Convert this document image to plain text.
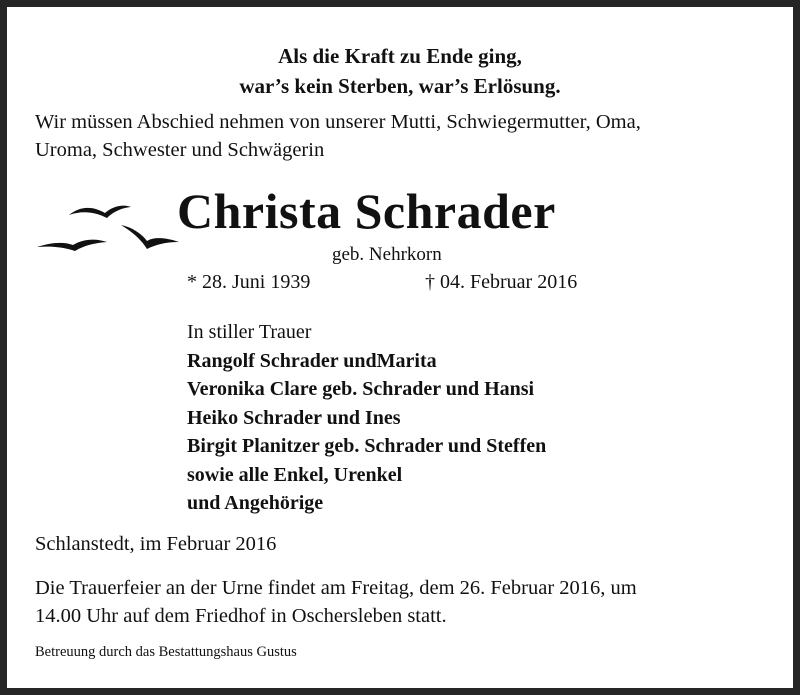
Als die Kraft zu Ende ging,
war’s kein Sterben, war’s Erlösung.
Wir müssen Abschied nehmen von unserer Mutti, Schwiegermutter, Oma,
Uroma, Schwester und Schwägerin
Christa Schrader
geb. Nehrkorn
* 28. Juni 1939	† 04. Februar 2016
In stiller Trauer
Rangolf Schrader undMarita
Veronika Clare geb. Schrader und Hansi
Heiko Schrader und Ines
Birgit Planitzer geb. Schrader und Steffen
sowie alle Enkel, Urenkel
und Angehörige
Schlanstedt, im Februar 2016
Die Trauerfeier an der Urne findet am Freitag, dem 26. Februar 2016, um
14.00 Uhr auf dem Friedhof in Oschersleben statt.
Betreuung durch das Bestattungshaus Gustus
